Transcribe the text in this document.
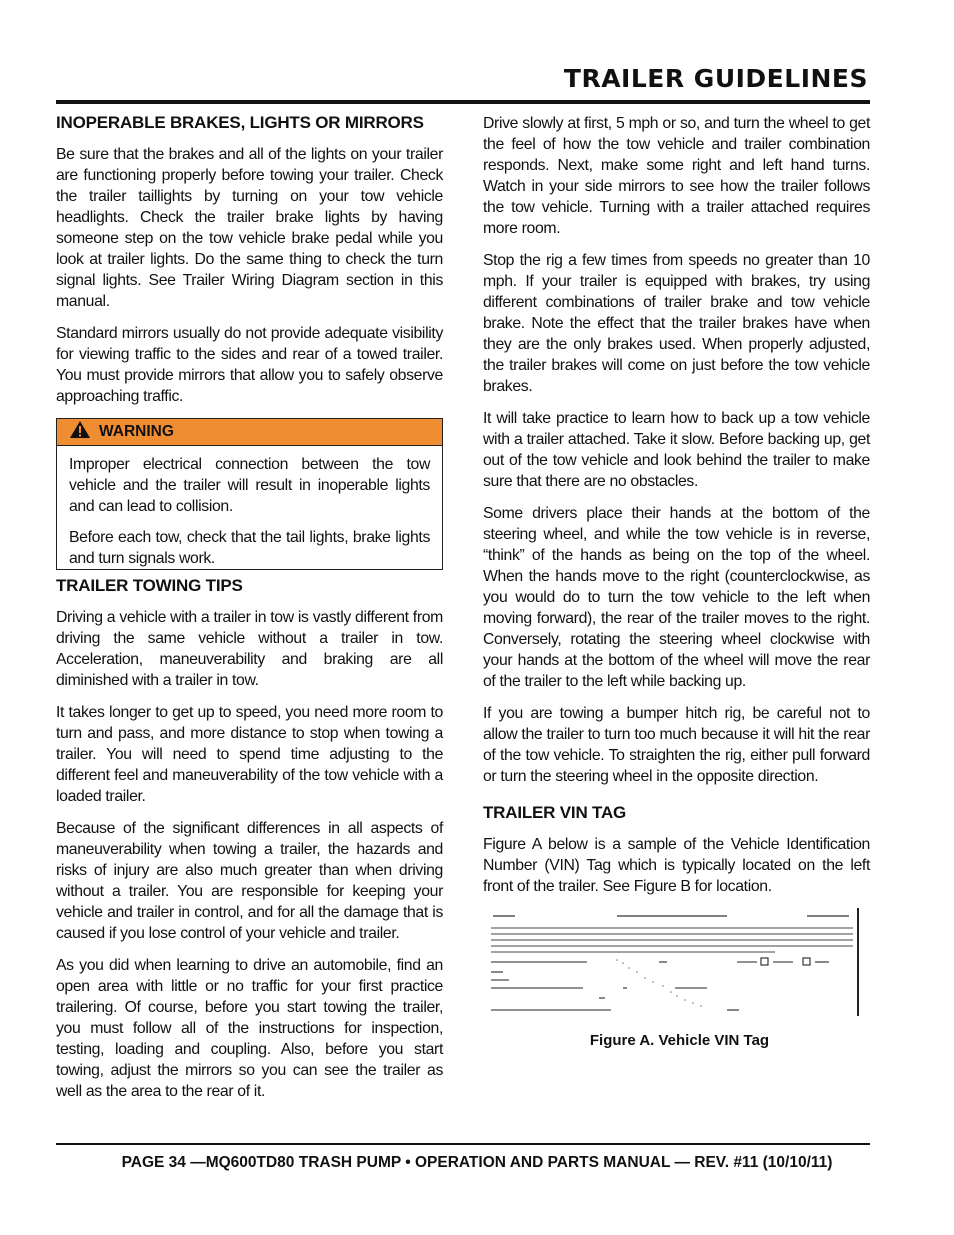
TRAILER GUIDELINES
INOPERABLE BRAKES, LIGHTS OR MIRRORS

Be sure that the brakes and all of the lights on your trailer are functioning properly before towing your trailer. Check the trailer taillights by turning on your tow vehicle headlights. Check the trailer brake lights by having someone step on the tow vehicle brake pedal while you look at trailer lights. Do the same thing to check the turn signal lights. See Trailer Wiring Diagram section in this manual.

Standard mirrors usually do not provide adequate visibility for viewing traffic to the sides and rear of a towed trailer. You must provide mirrors that allow you to safely observe approaching traffic.

WARNING

Improper electrical connection between the tow vehicle and the trailer will result in inoperable lights and can lead to collision.

Before each tow, check that the tail lights, brake lights and turn signals work.

TRAILER TOWING TIPS

Driving a vehicle with a trailer in tow is vastly different from driving the same vehicle without a trailer in tow. Acceleration, maneuverability and braking are all diminished with a trailer in tow.

It takes longer to get up to speed, you need more room to turn and pass, and more distance to stop when towing a trailer. You will need to spend time adjusting to the different feel and maneuverability of the tow vehicle with a loaded trailer.

Because of the significant differences in all aspects of maneuverability when towing a trailer, the hazards and risks of injury are also much greater than when driving without a trailer. You are responsible for keeping your vehicle and trailer in control, and for all the damage that is caused if you lose control of your vehicle and trailer.

As you did when learning to drive an automobile, find an open area with little or no traffic for your first practice trailering. Of course, before you start towing the trailer, you must follow all of the instructions for inspection, testing, loading and coupling. Also, before you start towing, adjust the mirrors so you can see the trailer as well as the area to the rear of it.

Drive slowly at first, 5 mph or so, and turn the wheel to get the feel of how the tow vehicle and trailer combination responds. Next, make some right and left hand turns. Watch in your side mirrors to see how the trailer follows the tow vehicle. Turning with a trailer attached requires more room.

Stop the rig a few times from speeds no greater than 10 mph. If your trailer is equipped with brakes, try using different combinations of trailer brake and tow vehicle brake. Note the effect that the trailer brakes have when they are the only brakes used. When properly adjusted, the trailer brakes will come on just before the tow vehicle brakes.

It will take practice to learn how to back up a tow vehicle with a trailer attached. Take it slow. Before backing up, get out of the tow vehicle and look behind the trailer to make sure that there are no obstacles.

Some drivers place their hands at the bottom of the steering wheel, and while the tow vehicle is in reverse, “think” of the hands as being on the top of the wheel. When the hands move to the right (counterclockwise, as you would do to turn the tow vehicle to the left when moving forward), the rear of the trailer moves to the right. Conversely, rotating the steering wheel clockwise with your hands at the bottom of the wheel will move the rear of the trailer to the left while backing up.

If you are towing a bumper hitch rig, be careful not to allow the trailer to turn too much because it will hit the rear of the tow vehicle. To straighten the rig, either pull forward or turn the steering wheel in the opposite direction.

TRAILER VIN TAG

Figure A below is a sample of the Vehicle Identification Number (VIN) Tag which is typically located on the left front of the trailer. See Figure B for location.

Figure A. Vehicle VIN Tag
PAGE 34 —MQ600TD80 TRASH PUMP • OPERATION AND PARTS MANUAL — REV. #11 (10/10/11)
